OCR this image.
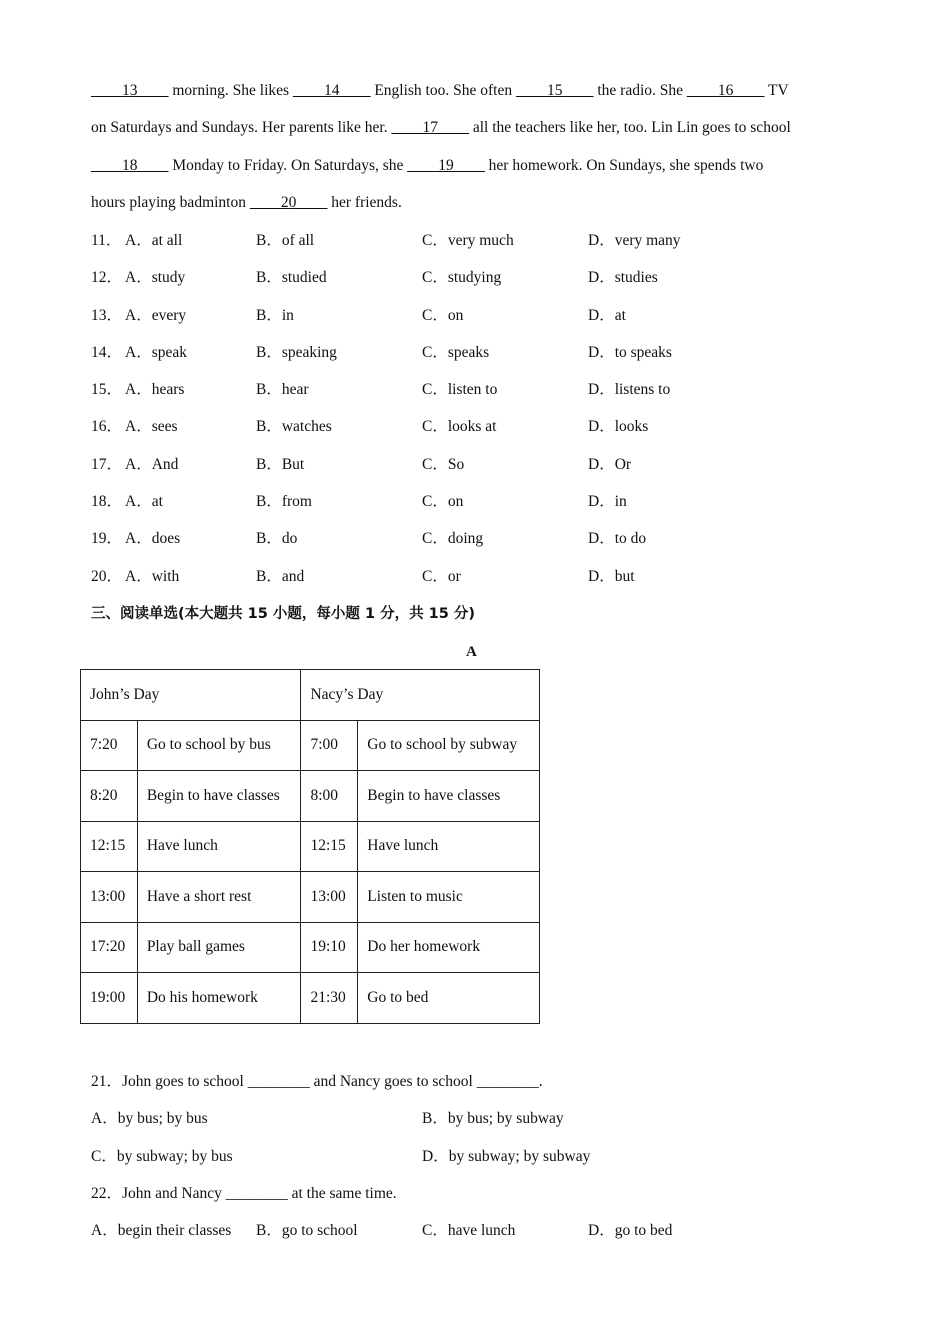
____13____ morning. She likes ____14____ English too. She often ____15____ the radio. She ____16____ TV

on Saturdays and Sundays. Her parents like her. ____17____ all the teachers like her, too. Lin Lin goes to school

____18____ Monday to Friday. On Saturdays, she ____19____ her homework. On Sundays, she spends two

hours playing badminton ____20____ her friends.

11． A．at all	B．of all	C．very much	D．very many
12． A．study	B．studied	C．studying	D．studies
13． A．every	B．in	C．on	D．at
14． A．speak	B．speaking	C．speaks	D．to speaks
15． A．hears	B．hear	C．listen to	D．listens to
16． A．sees	B．watches	C．looks at	D．looks
17． A．And	B．But	C．So	D．Or
18． A．at	B．from	C．on	D．in
19． A．does	B．do	C．doing	D．to do
20． A．with	B．and	C．or	D．but
三、阅读单选(本大题共 15 小题，每小题 1 分，共 15 分)
A
John’s Day		Nacy’s Day	
7:20	Go to school by bus	7:00	Go to school by subway
8:20	Begin to have classes	8:00	Begin to have classes
12:15	Have lunch	12:15	Have lunch
13:00	Have a short rest	13:00	Listen to music
17:20	Play ball games	19:10	Do her homework
19:00	Do his homework	21:30	Go to bed
21．John goes to school ________ and Nancy goes to school ________.
A．by bus; by bus	B．by bus; by subway
C．by subway; by bus	D．by subway; by subway
22．John and Nancy ________ at the same time.
A．begin their classes B．go to school	C．have lunch	D．go to bed
